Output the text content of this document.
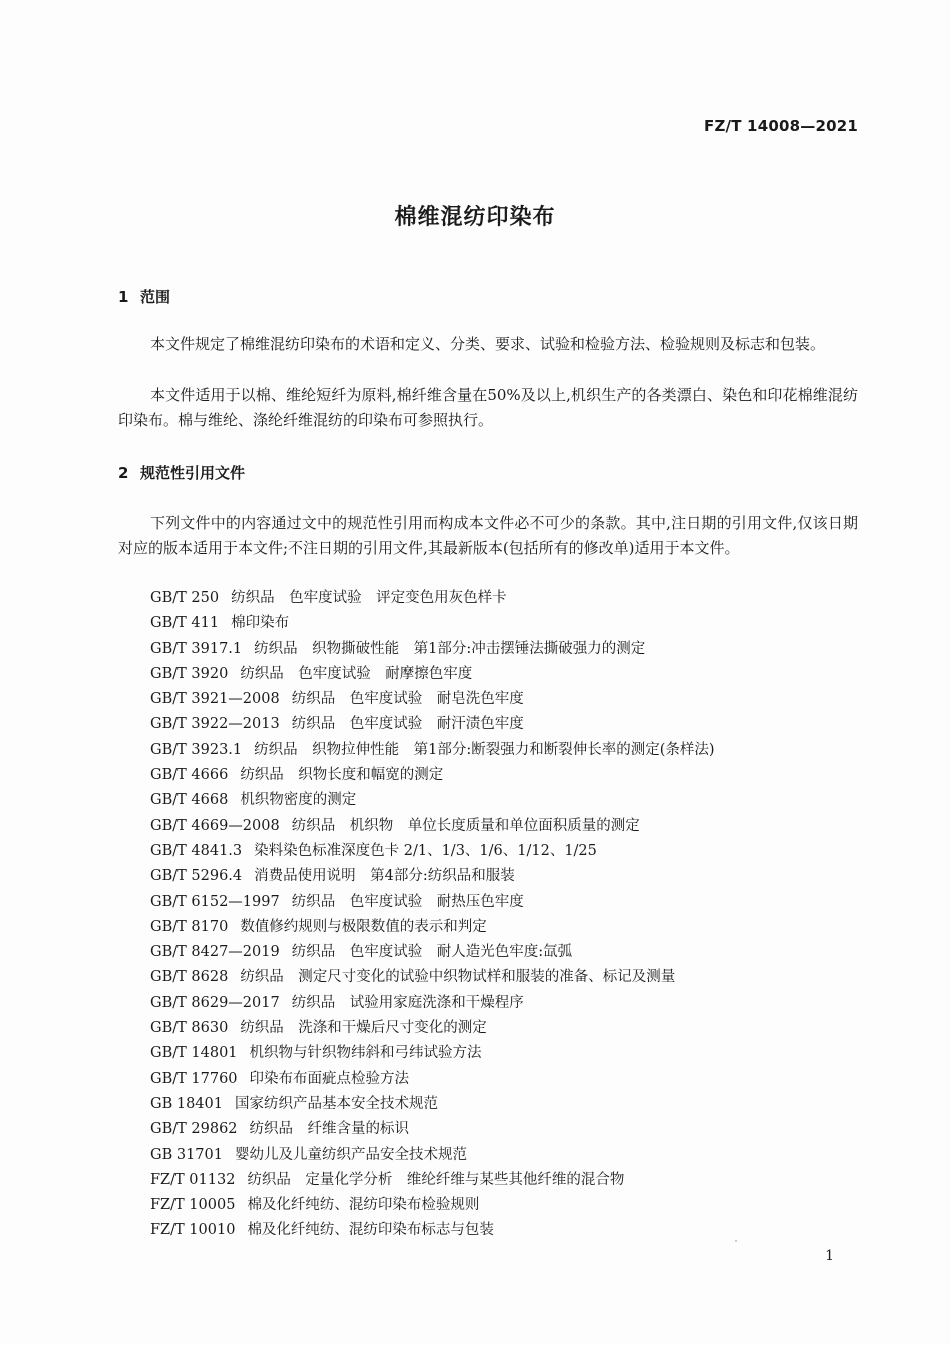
FZ/T 14008—2021
棉维混纺印染布
1 范围

本文件规定了棉维混纺印染布的术语和定义、分类、要求、试验和检验方法、检验规则及标志和包装。

本文件适用于以棉、维纶短纤为原料,棉纤维含量在50%及以上,机织生产的各类漂白、染色和印花棉维混纺印染布。棉与维纶、涤纶纤维混纺的印染布可参照执行。

2 规范性引用文件

下列文件中的内容通过文中的规范性引用而构成本文件必不可少的条款。其中,注日期的引用文件,仅该日期对应的版本适用于本文件;不注日期的引用文件,其最新版本(包括所有的修改单)适用于本文件。

GB/T 250 纺织品　色牢度试验　评定变色用灰色样卡
GB/T 411 棉印染布
GB/T 3917.1 纺织品　织物撕破性能　第1部分:冲击摆锤法撕破强力的测定
GB/T 3920 纺织品　色牢度试验　耐摩擦色牢度
GB/T 3921—2008 纺织品　色牢度试验　耐皂洗色牢度
GB/T 3922—2013 纺织品　色牢度试验　耐汗渍色牢度
GB/T 3923.1 纺织品　织物拉伸性能　第1部分:断裂强力和断裂伸长率的测定(条样法)
GB/T 4666 纺织品　织物长度和幅宽的测定
GB/T 4668 机织物密度的测定
GB/T 4669—2008 纺织品　机织物　单位长度质量和单位面积质量的测定
GB/T 4841.3 染料染色标准深度色卡 2/1、1/3、1/6、1/12、1/25
GB/T 5296.4 消费品使用说明　第4部分:纺织品和服装
GB/T 6152—1997 纺织品　色牢度试验　耐热压色牢度
GB/T 8170 数值修约规则与极限数值的表示和判定
GB/T 8427—2019 纺织品　色牢度试验　耐人造光色牢度:氙弧
GB/T 8628 纺织品　测定尺寸变化的试验中织物试样和服装的准备、标记及测量
GB/T 8629—2017 纺织品　试验用家庭洗涤和干燥程序
GB/T 8630 纺织品　洗涤和干燥后尺寸变化的测定
GB/T 14801 机织物与针织物纬斜和弓纬试验方法
GB/T 17760 印染布布面疵点检验方法
GB 18401 国家纺织产品基本安全技术规范
GB/T 29862 纺织品　纤维含量的标识
GB 31701 婴幼儿及儿童纺织产品安全技术规范
FZ/T 01132 纺织品　定量化学分析　维纶纤维与某些其他纤维的混合物
FZ/T 10005 棉及化纤纯纺、混纺印染布检验规则
FZ/T 10010 棉及化纤纯纺、混纺印染布标志与包装
1
